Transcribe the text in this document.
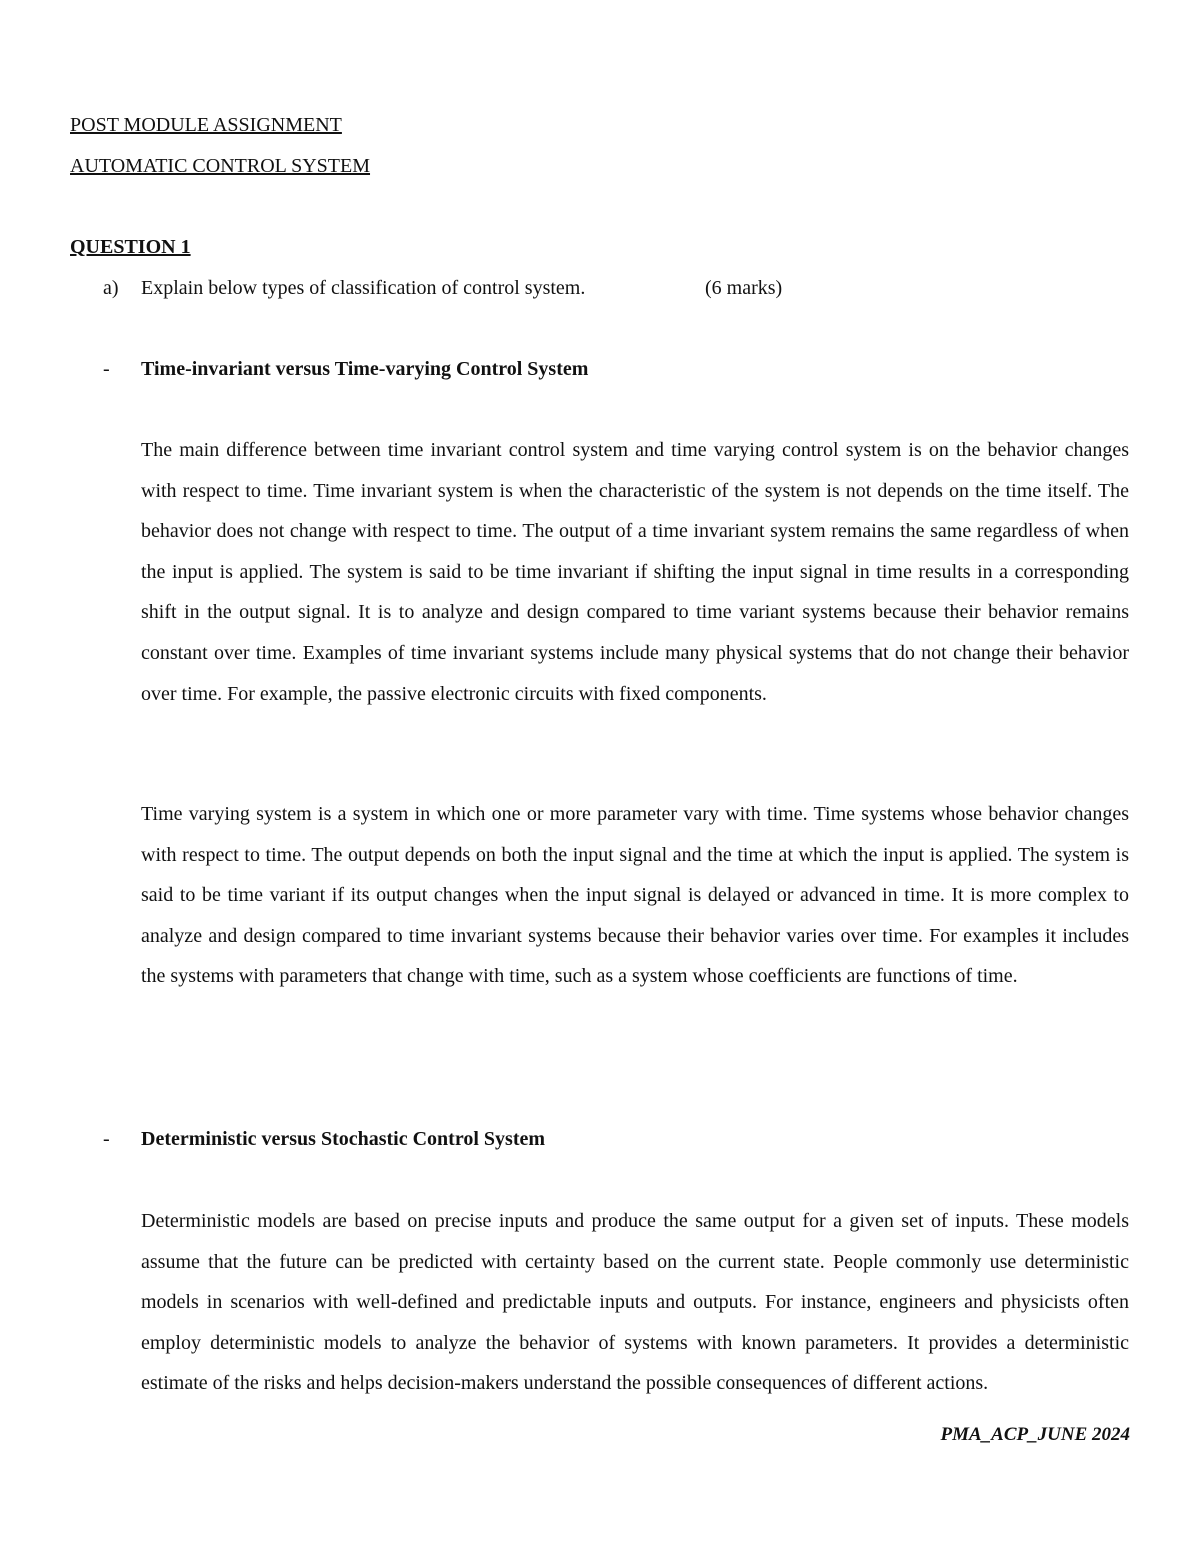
POST MODULE ASSIGNMENT
AUTOMATIC CONTROL SYSTEM
QUESTION 1
a) Explain below types of classification of control system.	(6 marks)
- Time-invariant versus Time-varying Control System

The main difference between time invariant control system and time varying control system is on the behavior changes with respect to time. Time invariant system is when the characteristic of the system is not depends on the time itself. The behavior does not change with respect to time. The output of a time invariant system remains the same regardless of when the input is applied. The system is said to be time invariant if shifting the input signal in time results in a corresponding shift in the output signal. It is to analyze and design compared to time variant systems because their behavior remains constant over time. Examples of time invariant systems include many physical systems that do not change their behavior over time. For example, the passive electronic circuits with fixed components.

Time varying system is a system in which one or more parameter vary with time. Time systems whose behavior changes with respect to time. The output depends on both the input signal and the time at which the input is applied. The system is said to be time variant if its output changes when the input signal is delayed or advanced in time. It is more complex to analyze and design compared to time invariant systems because their behavior varies over time. For examples it includes the systems with parameters that change with time, such as a system whose coefficients are functions of time.

- Deterministic versus Stochastic Control System

Deterministic models are based on precise inputs and produce the same output for a given set of inputs. These models assume that the future can be predicted with certainty based on the current state. People commonly use deterministic models in scenarios with well-defined and predictable inputs and outputs. For instance, engineers and physicists often employ deterministic models to analyze the behavior of systems with known parameters. It provides a deterministic estimate of the risks and helps decision-makers understand the possible consequences of different actions.

PMA_ACP_JUNE 2024
